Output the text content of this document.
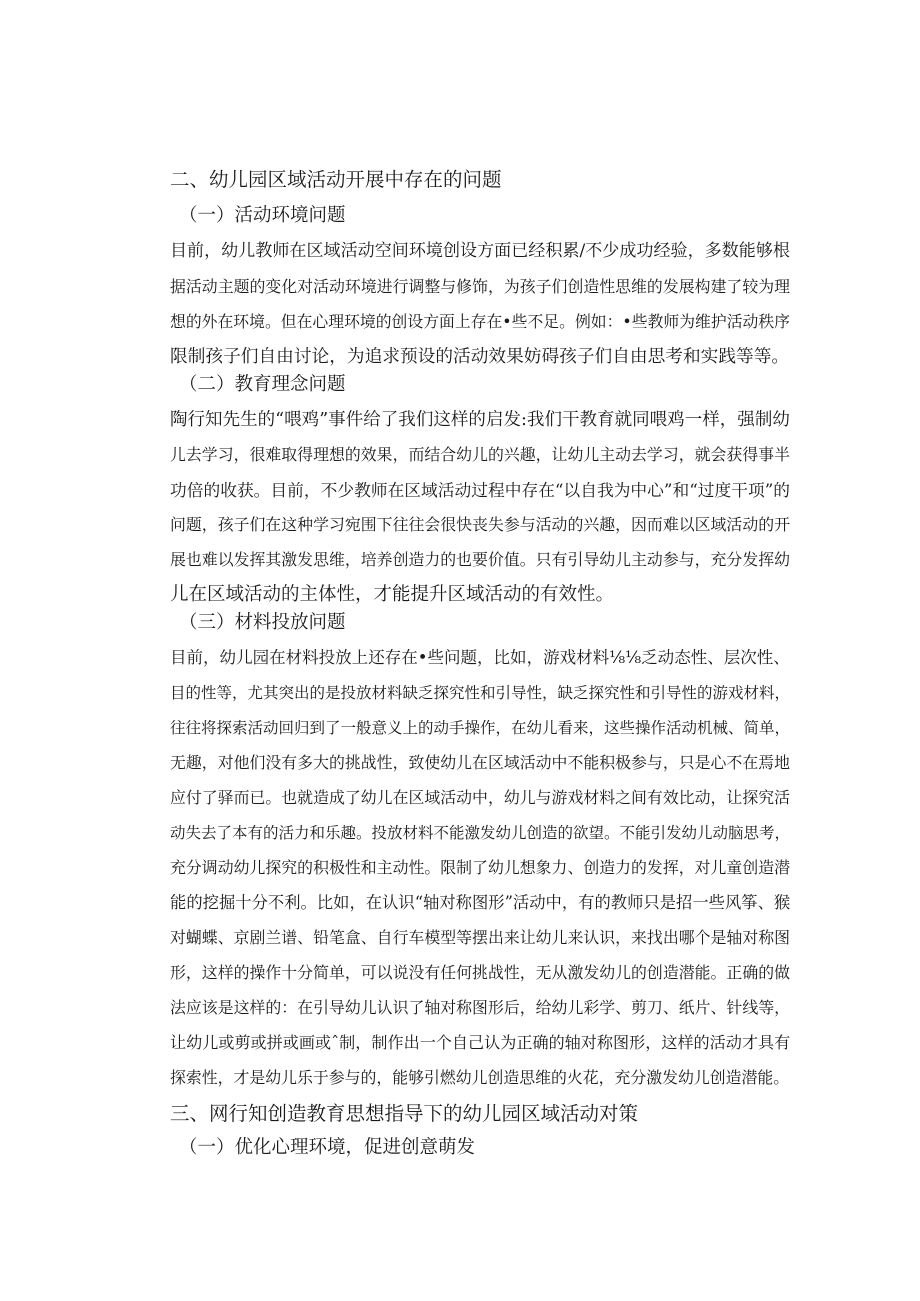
二、幼儿园区域活动开展中存在的问题
（一）活动环境问题
目前，幼儿教师在区域活动空间环境创设方面已经积累/不少成功经验，多数能够根
据活动主题的变化对活动环境进行调整与修饰，为孩子们创造性思维的发展构建了较为理
想的外在环境。但在心理环境的创设方面上存在•些不足。例如：•些教师为维护活动秩序
限制孩子们自由讨论，为追求预设的活动效果妨碍孩子们自由思考和实践等等。
（二）教育理念问题
陶行知先生的“喂鸡”事件给了我们这样的启发:我们干教育就同喂鸡一样，强制幼
儿去学习，很难取得理想的效果，而结合幼儿的兴趣，让幼儿主动去学习，就会获得事半
功倍的收获。目前，不少教师在区域活动过程中存在“以自我为中心”和“过度干项”的
问题，孩子们在这种学习宛围下往往会很快丧失参与活动的兴趣，因而难以区域活动的开
展也难以发挥其激发思维，培养创造力的也要价值。只有引导幼儿主动参与，充分发挥幼
儿在区域活动的主体性，才能提升区域活动的有效性。
（三）材料投放问题
目前，幼儿园在材料投放上还存在•些问题，比如，游戏材料⅛⅛乏动态性、层次性、
目的性等，尤其突出的是投放材料缺乏探究性和引导性，缺乏探究性和引导性的游戏材料，
往往将探索活动回归到了一般意义上的动手操作，在幼儿看来，这些操作活动机械、简单，
无趣，对他们没有多大的挑战性，致使幼儿在区域活动中不能积极参与，只是心不在焉地
应付了驿而已。也就造成了幼儿在区域活动中，幼儿与游戏材料之间有效比动，让探究活
动失去了本有的活力和乐趣。投放材料不能激发幼儿创造的欲望。不能引发幼儿动脑思考，
充分调动幼儿探究的积极性和主动性。限制了幼儿想象力、创造力的发挥，对儿童创造潜
能的挖掘十分不利。比如，在认识“轴对称图形”活动中，有的教师只是招一些风筝、猴
对蝴蝶、京剧兰谱、铅笔盒、自行车模型等摆出来让幼儿来认识，来找出哪个是轴对称图
形，这样的操作十分简单，可以说没有任何挑战性，无从激发幼儿的创造潜能。正确的做
法应该是这样的：在引导幼儿认识了轴对称图形后，给幼儿彩学、剪刀、纸片、针线等，
让幼儿或剪或拼或画或ˆ制，制作出一个自己认为正确的轴对称图形，这样的活动才具有
探索性，才是幼儿乐于参与的，能够引燃幼儿创造思维的火花，充分激发幼儿创造潜能。
三、网行知创造教育思想指导下的幼儿园区域活动对策
（一）优化心理环境，促进创意萌发
